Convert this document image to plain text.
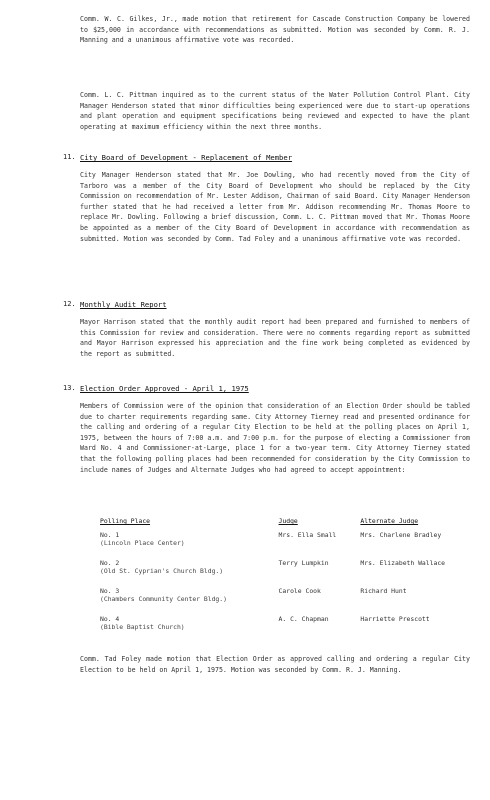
Comm. W. C. Gilkes, Jr., made motion that retirement for Cascade Construction Company be lowered to $25,000 in accordance with recommendations as submitted. Motion was seconded by Comm. R. J. Manning and a unanimous affirmative vote was recorded.
Comm. L. C. Pittman inquired as to the current status of the Water Pollution Control Plant. City Manager Henderson stated that minor difficulties being experienced were due to start-up operations and plant operation and equipment specifications being reviewed and expected to have the plant operating at maximum efficiency within the next three months.
11. City Board of Development - Replacement of Member
City Manager Henderson stated that Mr. Joe Dowling, who had recently moved from the City of Tarboro was a member of the City Board of Development who should be replaced by the City Commission on recommendation of Mr. Lester Addison, Chairman of said Board. City Manager Henderson further stated that he had received a letter from Mr. Addison recommending Mr. Thomas Moore to replace Mr. Dowling. Following a brief discussion, Comm. L. C. Pittman moved that Mr. Thomas Moore be appointed as a member of the City Board of Development in accordance with recommendation as submitted. Motion was seconded by Comm. Tad Foley and a unanimous affirmative vote was recorded.
12. Monthly Audit Report
Mayor Harrison stated that the monthly audit report had been prepared and furnished to members of this Commission for review and consideration. There were no comments regarding report as submitted and Mayor Harrison expressed his appreciation and the fine work being completed as evidenced by the report as submitted.
13. Election Order Approved - April 1, 1975
Members of Commission were of the opinion that consideration of an Election Order should be tabled due to charter requirements regarding same. City Attorney Tierney read and presented ordinance for the calling and ordering of a regular City Election to be held at the polling places on April 1, 1975, between the hours of 7:00 a.m. and 7:00 p.m. for the purpose of electing a Commissioner from Ward No. 4 and Commissioner-at-Large, place 1 for a two-year term. City Attorney Tierney stated that the following polling places had been recommended for consideration by the City Commission to include names of Judges and Alternate Judges who had agreed to accept appointment:
Polling Place	Judge	Alternate Judge

No. 1
(Lincoln Place Center)	Mrs. Ella Small	Mrs. Charlene Bradley

No. 2
(Old St. Cyprian's Church Bldg.)	Terry Lumpkin	Mrs. Elizabeth Wallace

No. 3
(Chambers Community Center Bldg.)	Carole Cook	Richard Hunt

No. 4
(Bible Baptist Church)	A. C. Chapman	Harriette Prescott
Comm. Tad Foley made motion that Election Order as approved calling and ordering a regular City Election to be held on April 1, 1975. Motion was seconded by Comm. R. J. Manning.
